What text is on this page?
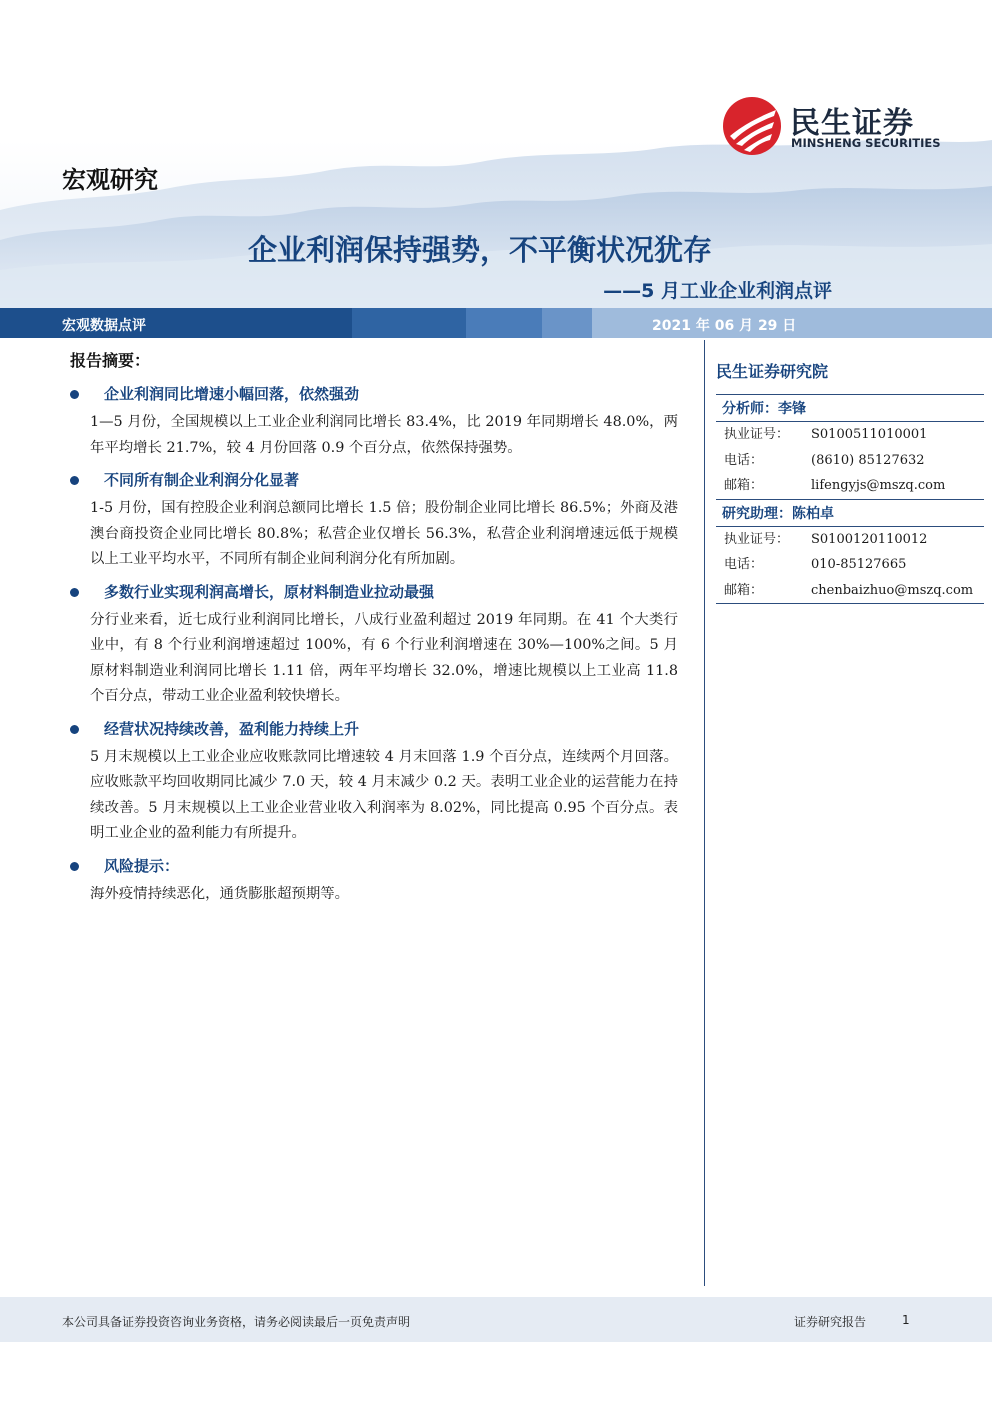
民生证券
MINSHENG SECURITIES
宏观研究
企业利润保持强势，不平衡状况犹存
——5 月工业企业利润点评
宏观数据点评	2021 年 06 月 29 日
报告摘要：
企业利润同比增速小幅回落，依然强劲
1—5 月份，全国规模以上工业企业利润同比增长 83.4%，比 2019 年同期增长 48.0%，两年平均增长 21.7%，较 4 月份回落 0.9 个百分点，依然保持强势。
不同所有制企业利润分化显著
1-5 月份，国有控股企业利润总额同比增长 1.5 倍；股份制企业同比增长 86.5%；外商及港澳台商投资企业同比增长 80.8%；私营企业仅增长 56.3%，私营企业利润增速远低于规模以上工业平均水平，不同所有制企业间利润分化有所加剧。
多数行业实现利润高增长，原材料制造业拉动最强
分行业来看，近七成行业利润同比增长，八成行业盈利超过 2019 年同期。在 41 个大类行业中，有 8 个行业利润增速超过 100%，有 6 个行业利润增速在 30%—100%之间。5 月原材料制造业利润同比增长 1.11 倍，两年平均增长 32.0%，增速比规模以上工业高 11.8 个百分点，带动工业企业盈利较快增长。
经营状况持续改善，盈利能力持续上升
5 月末规模以上工业企业应收账款同比增速较 4 月末回落 1.9 个百分点，连续两个月回落。应收账款平均回收期同比减少 7.0 天，较 4 月末减少 0.2 天。表明工业企业的运营能力在持续改善。5 月末规模以上工业企业营业收入利润率为 8.02%，同比提高 0.95 个百分点。表明工业企业的盈利能力有所提升。
风险提示：
海外疫情持续恶化，通货膨胀超预期等。
民生证券研究院
分析师：李锋
执业证号： S0100511010001
电话：	(8610) 85127632
邮箱：	lifengyjs@mszq.com
研究助理：陈柏卓
执业证号： S0100120110012
电话：	010-85127665
邮箱：	chenbaizhuo@mszq.com
本公司具备证券投资咨询业务资格，请务必阅读最后一页免责声明	证券研究报告	1
